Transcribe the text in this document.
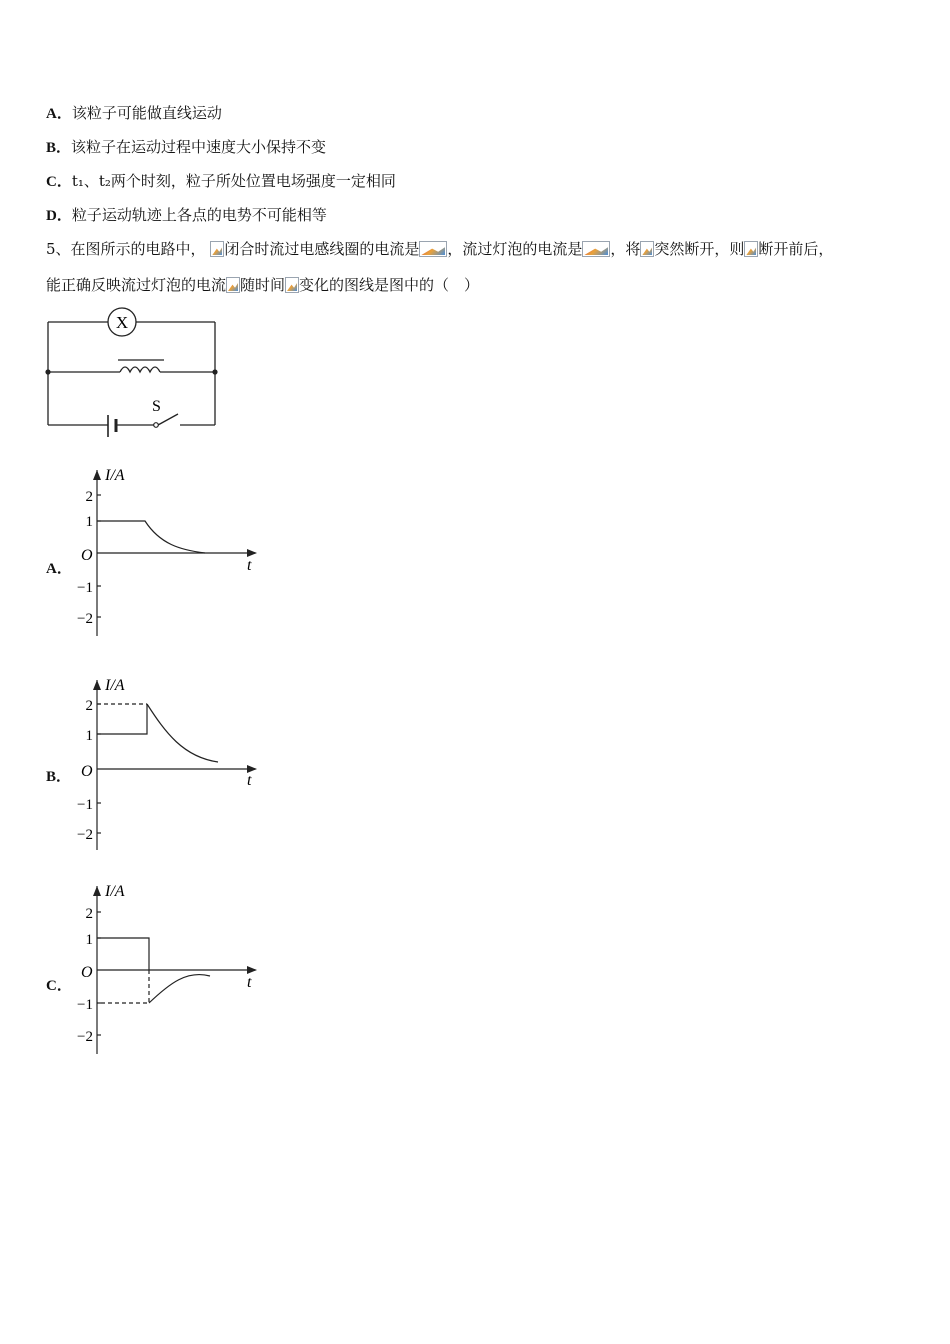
A．该粒子可能做直线运动
B．该粒子在运动过程中速度大小保持不变
C．t₁、t₂两个时刻，粒子所处位置电场强度一定相同
D．粒子运动轨迹上各点的电势不可能相等
5、在图所示的电路中， 闭合时流过电感线圈的电流是 ，流过灯泡的电流是 ，将 突然断开，则 断开前后，
能正确反映流过灯泡的电流 随时间 变化的图线是图中的（　）
X
S
A．
I/A
t
O
2
1
−1
−2
B．
I/A
t
O
2
1
−1
−2
C．
I/A
t
O
2
1
−1
−2
